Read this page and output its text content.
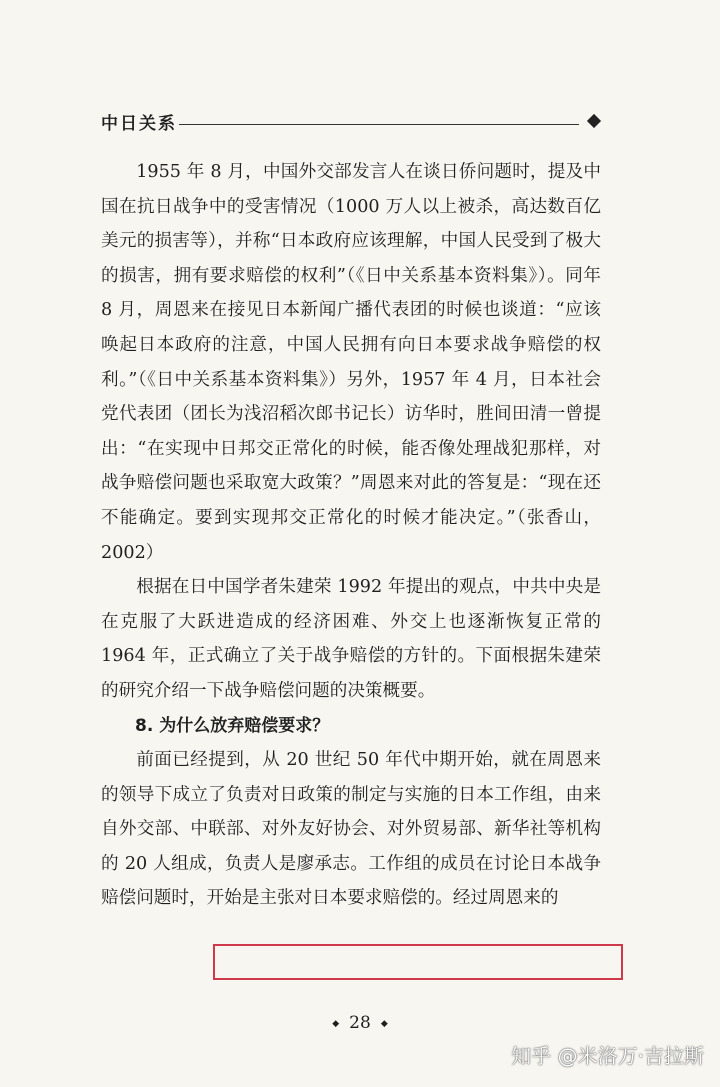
中日关系

1955 年 8 月，中国外交部发言人在谈日侨问题时，提及中国在抗日战争中的受害情况（1000 万人以上被杀，高达数百亿美元的损害等），并称“日本政府应该理解，中国人民受到了极大的损害，拥有要求赔偿的权利”（《日中关系基本资料集》）。同年 8 月，周恩来在接见日本新闻广播代表团的时候也谈道：“应该唤起日本政府的注意，中国人民拥有向日本要求战争赔偿的权利。”（《日中关系基本资料集》）另外，1957 年 4 月，日本社会党代表团（团长为浅沼稻次郎书记长）访华时，胜间田清一曾提出：“在实现中日邦交正常化的时候，能否像处理战犯那样，对战争赔偿问题也采取宽大政策？”周恩来对此的答复是：“现在还不能确定。要到实现邦交正常化的时候才能决定。”（张香山，2002）

根据在日中国学者朱建荣 1992 年提出的观点，中共中央是在克服了大跃进造成的经济困难、外交上也逐渐恢复正常的 1964 年，正式确立了关于战争赔偿的方针的。下面根据朱建荣的研究介绍一下战争赔偿问题的决策概要。

8. 为什么放弃赔偿要求？

前面已经提到，从 20 世纪 50 年代中期开始，就在周恩来的领导下成立了负责对日政策的制定与实施的日本工作组，由来自外交部、中联部、对外友好协会、对外贸易部、新华社等机构的 20 人组成，负责人是廖承志。工作组的成员在讨论日本战争赔偿问题时，开始是主张对日本要求赔偿的。经过周恩来的

◆ 28 ◆
知乎 @米洛万·吉拉斯
